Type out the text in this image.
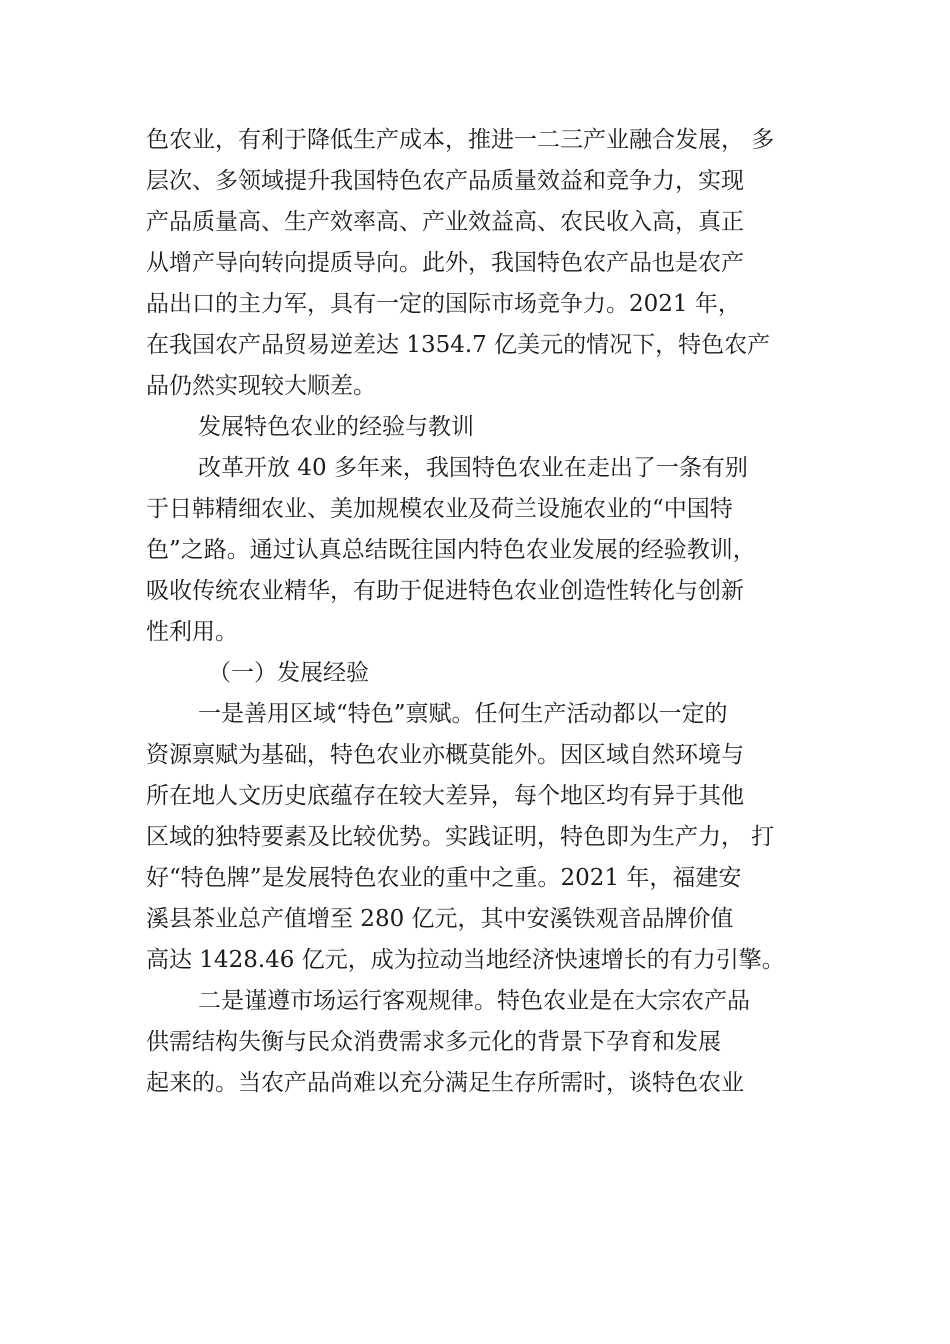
色农业，有利于降低生产成本，推进一二三产业融合发展， 多
层次、多领域提升我国特色农产品质量效益和竞争力，实现
产品质量高、生产效率高、产业效益高、农民收入高，真正
从增产导向转向提质导向。此外，我国特色农产品也是农产
品出口的主力军，具有一定的国际市场竞争力。2021 年，
在我国农产品贸易逆差达 1354.7 亿美元的情况下，特色农产
品仍然实现较大顺差。
发展特色农业的经验与教训
改革开放 40 多年来，我国特色农业在走出了一条有别
于日韩精细农业、美加规模农业及荷兰设施农业的“中国特
色”之路。通过认真总结既往国内特色农业发展的经验教训，
吸收传统农业精华，有助于促进特色农业创造性转化与创新
性利用。
（一）发展经验
一是善用区域“特色”禀赋。任何生产活动都以一定的
资源禀赋为基础，特色农业亦概莫能外。因区域自然环境与
所在地人文历史底蕴存在较大差异，每个地区均有异于其他
区域的独特要素及比较优势。实践证明，特色即为生产力， 打
好“特色牌”是发展特色农业的重中之重。2021 年，福建安
溪县茶业总产值增至 280 亿元，其中安溪铁观音品牌价值
高达 1428.46 亿元，成为拉动当地经济快速增长的有力引擎。
二是谨遵市场运行客观规律。特色农业是在大宗农产品
供需结构失衡与民众消费需求多元化的背景下孕育和发展
起来的。当农产品尚难以充分满足生存所需时，谈特色农业
